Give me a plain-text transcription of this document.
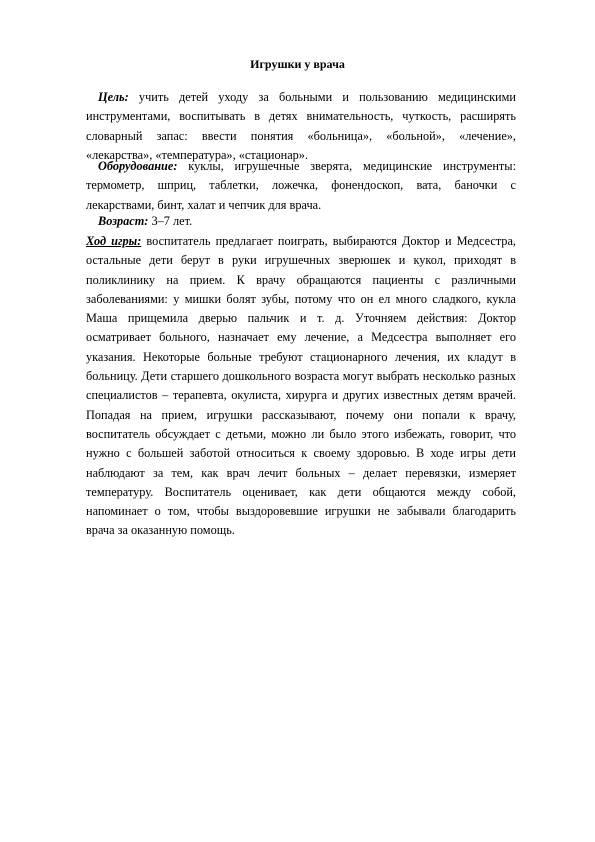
Игрушки у врача

Цель: учить детей уходу за больными и пользованию медицинскими инструментами, воспитывать в детях внимательность, чуткость, расширять словарный запас: ввести понятия «больница», «больной», «лечение», «лекарства», «температура», «стационар».

Оборудование: куклы, игрушечные зверята, медицинские инструменты: термометр, шприц, таблетки, ложечка, фонендоскоп, вата, баночки с лекарствами, бинт, халат и чепчик для врача.

Возраст: 3–7 лет.

Ход игры: воспитатель предлагает поиграть, выбираются Доктор и Медсестра, остальные дети берут в руки игрушечных зверюшек и кукол, приходят в поликлинику на прием. К врачу обращаются пациенты с различными заболеваниями: у мишки болят зубы, потому что он ел много сладкого, кукла Маша прищемила дверью пальчик и т. д. Уточняем действия: Доктор осматривает больного, назначает ему лечение, а Медсестра выполняет его указания. Некоторые больные требуют стационарного лечения, их кладут в больницу. Дети старшего дошкольного возраста могут выбрать несколько разных специалистов – терапевта, окулиста, хирурга и других известных детям врачей. Попадая на прием, игрушки рассказывают, почему они попали к врачу, воспитатель обсуждает с детьми, можно ли было этого избежать, говорит, что нужно с большей заботой относиться к своему здоровью. В ходе игры дети наблюдают за тем, как врач лечит больных – делает перевязки, измеряет температуру. Воспитатель оценивает, как дети общаются между собой, напоминает о том, чтобы выздоровевшие игрушки не забывали благодарить врача за оказанную помощь.
